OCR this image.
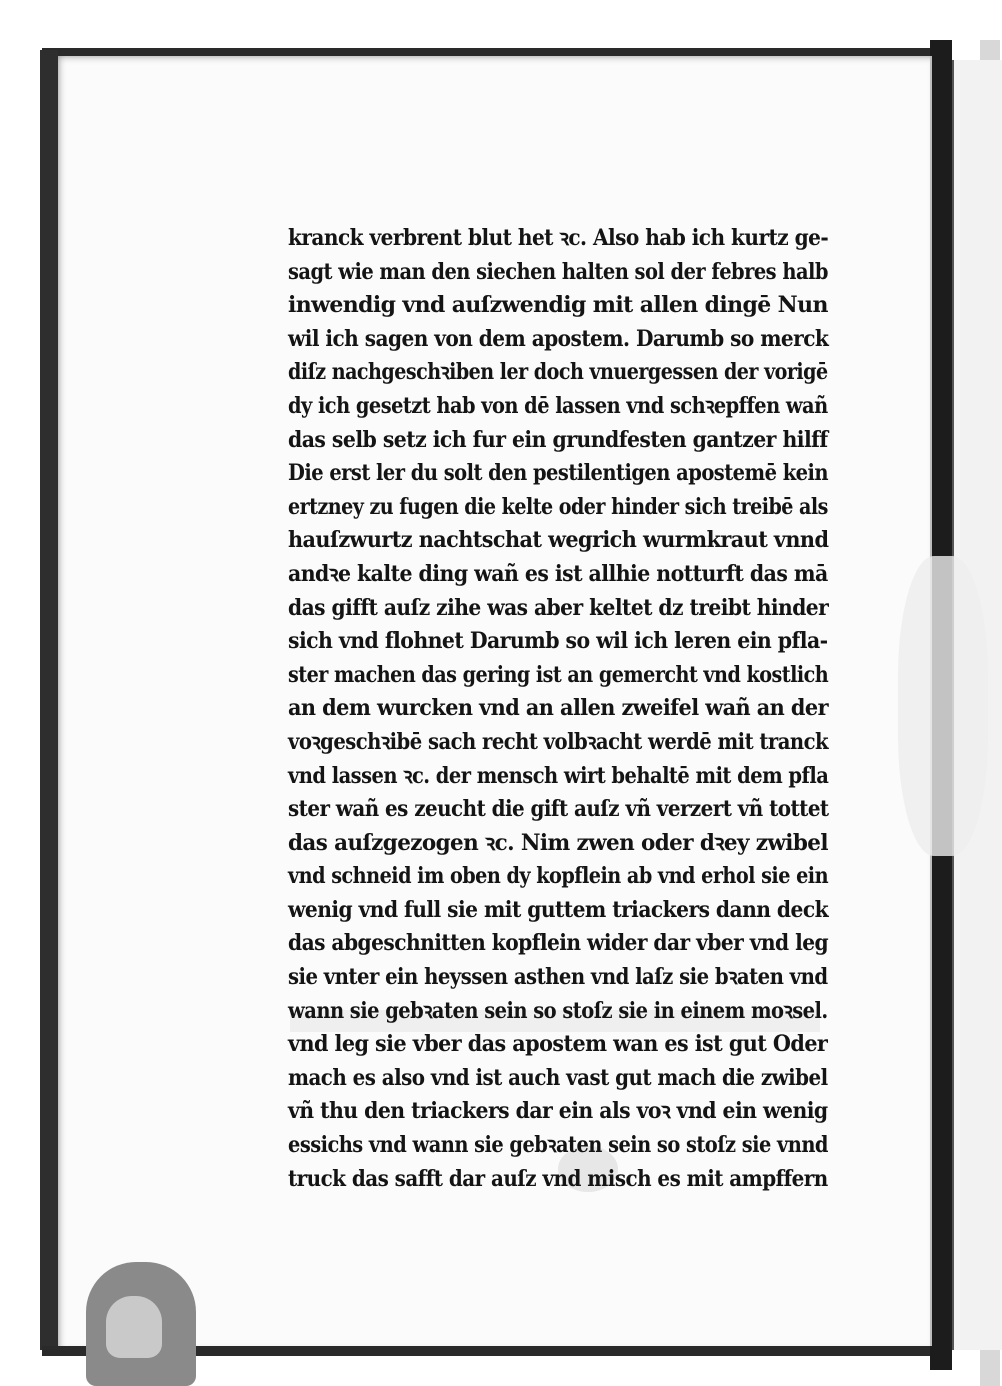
kranck verbrent blut het ꝛc. Also hab ich kurtz ge-
sagt wie man den siechen halten sol der febres halb
inwendig vnd auſzwendig mit allen dingē Nun
wil ich sagen von dem apostem. Darumb so merck
diſz nachgeschꝛiben ler doch vnuergessen der vorigē
dy ich gesetzt hab von dē lassen vnd schꝛepffen wañ
das selb setz ich fur ein grundfesten gantzer hilff
Die erst ler du solt den pestilentigen apostemē kein
ertzney zu fugen die kelte oder hinder sich treibē als
hauſzwurtz nachtschat wegrich wurmkraut vnnd
andꝛe kalte ding wañ es ist allhie notturft das mā
das gifft auſz zihe was aber keltet dz treibt hinder
sich vnd flohnet Darumb so wil ich leren ein pfla-
ster machen das gering ist an gemercht vnd kostlich
an dem wurcken vnd an allen zweifel wañ an der
voꝛgeschꝛibē sach recht volbꝛacht werdē mit tranck
vnd lassen ꝛc. der mensch wirt behaltē mit dem pfla
ster wañ es zeucht die gift auſz vñ verzert vñ tottet
das auſzgezogen ꝛc. Nim zwen oder dꝛey zwibel
vnd schneid im oben dy kopflein ab vnd erhol sie ein
wenig vnd full sie mit guttem triackers dann deck
das abgeschnitten kopflein wider dar vber vnd leg
sie vnter ein heyssen asthen vnd laſz sie bꝛaten vnd
wann sie gebꝛaten sein so stoſz sie in einem moꝛsel.
vnd leg sie vber das apostem wan es ist gut Oder
mach es also vnd ist auch vast gut mach die zwibel
vñ thu den triackers dar ein als voꝛ vnd ein wenig
essichs vnd wann sie gebꝛaten sein so stoſz sie vnnd
truck das safft dar auſz vnd misch es mit ampffern
